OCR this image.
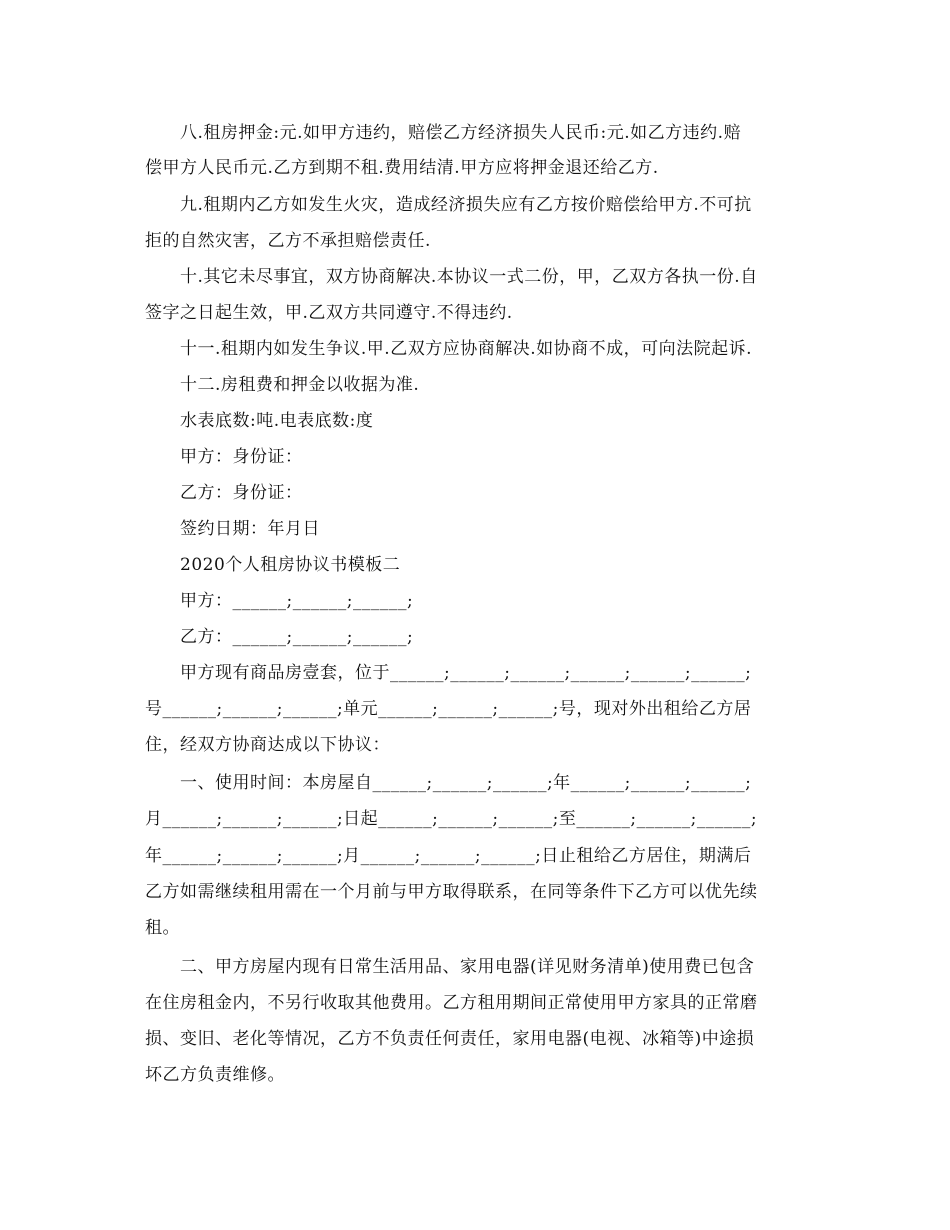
八.租房押金:元.如甲方违约，赔偿乙方经济损失人民币:元.如乙方违约.赔
偿甲方人民币元.乙方到期不租.费用结清.甲方应将押金退还给乙方.
九.租期内乙方如发生火灾，造成经济损失应有乙方按价赔偿给甲方.不可抗
拒的自然灾害，乙方不承担赔偿责任.
十.其它未尽事宜，双方协商解决.本协议一式二份，甲，乙双方各执一份.自
签字之日起生效，甲.乙双方共同遵守.不得违约.
十一.租期内如发生争议.甲.乙双方应协商解决.如协商不成，可向法院起诉.
十二.房租费和押金以收据为准.
水表底数:吨.电表底数:度
甲方：身份证：
乙方：身份证：
签约日期：年月日
2020个人租房协议书模板二
甲方：______;______;______;
乙方：______;______;______;
甲方现有商品房壹套，位于______;______;______;______;______;______;
号______;______;______;单元______;______;______;号，现对外出租给乙方居
住，经双方协商达成以下协议：
一、使用时间：本房屋自______;______;______;年______;______;______;
月______;______;______;日起______;______;______;至______;______;______;
年______;______;______;月______;______;______;日止租给乙方居住，期满后
乙方如需继续租用需在一个月前与甲方取得联系，在同等条件下乙方可以优先续
租。
二、甲方房屋内现有日常生活用品、家用电器(详见财务清单)使用费已包含
在住房租金内，不另行收取其他费用。乙方租用期间正常使用甲方家具的正常磨
损、变旧、老化等情况，乙方不负责任何责任，家用电器(电视、冰箱等)中途损
坏乙方负责维修。
